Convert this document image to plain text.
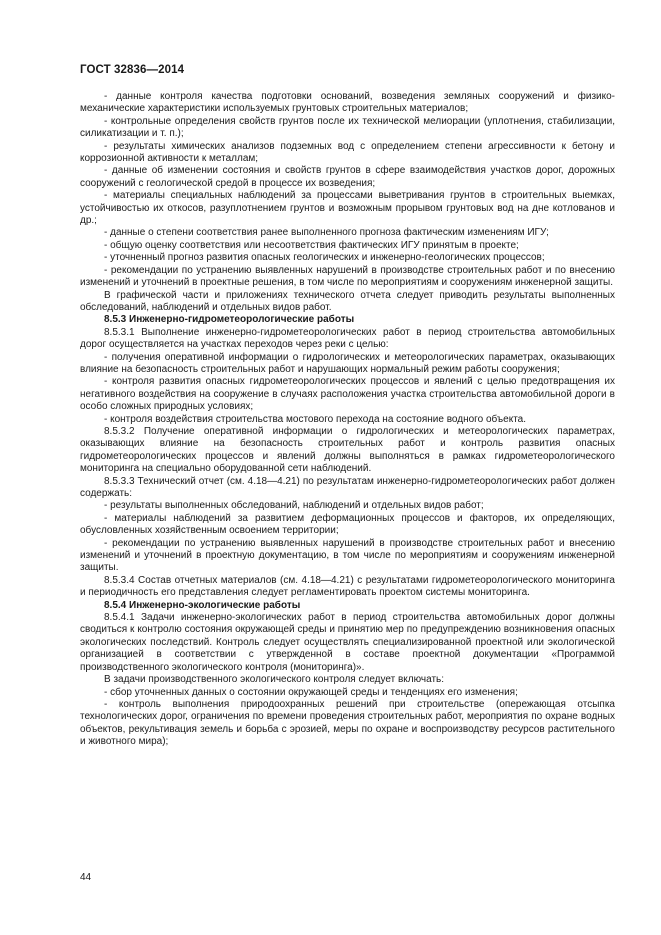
ГОСТ 32836—2014

- данные контроля качества подготовки оснований, возведения земляных сооружений и физико-механические характеристики используемых грунтовых строительных материалов;

- контрольные определения свойств грунтов после их технической мелиорации (уплотнения, стабилизации, силикатизации и т. п.);

- результаты химических анализов подземных вод с определением степени агрессивности к бетону и коррозионной активности к металлам;

- данные об изменении состояния и свойств грунтов в сфере взаимодействия участков дорог, дорожных сооружений с геологической средой в процессе их возведения;

- материалы специальных наблюдений за процессами выветривания грунтов в строительных выемках, устойчивостью их откосов, разуплотнением грунтов и возможным прорывом грунтовых вод на дне котлованов и др.;

- данные о степени соответствия ранее выполненного прогноза фактическим изменениям ИГУ;

- общую оценку соответствия или несоответствия фактических ИГУ принятым в проекте;

- уточненный прогноз развития опасных геологических и инженерно-геологических процессов;

- рекомендации по устранению выявленных нарушений в производстве строительных работ и по внесению изменений и уточнений в проектные решения, в том числе по мероприятиям и сооружениям инженерной защиты.

В графической части и приложениях технического отчета следует приводить результаты выполненных обследований, наблюдений и отдельных видов работ.

8.5.3 Инженерно-гидрометеорологические работы

8.5.3.1 Выполнение инженерно-гидрометеорологических работ в период строительства автомобильных дорог осуществляется на участках переходов через реки с целью:

- получения оперативной информации о гидрологических и метеорологических параметрах, оказывающих влияние на безопасность строительных работ и нарушающих нормальный режим работы сооружения;

- контроля развития опасных гидрометеорологических процессов и явлений с целью предотвращения их негативного воздействия на сооружение в случаях расположения участка строительства автомобильной дороги в особо сложных природных условиях;

- контроля воздействия строительства мостового перехода на состояние водного объекта.

8.5.3.2 Получение оперативной информации о гидрологических и метеорологических параметрах, оказывающих влияние на безопасность строительных работ и контроль развития опасных гидрометеорологических процессов и явлений должны выполняться в рамках гидрометеорологического мониторинга на специально оборудованной сети наблюдений.

8.5.3.3 Технический отчет (см. 4.18—4.21) по результатам инженерно-гидрометеорологических работ должен содержать:

- результаты выполненных обследований, наблюдений и отдельных видов работ;

- материалы наблюдений за развитием деформационных процессов и факторов, их определяющих, обусловленных хозяйственным освоением территории;

- рекомендации по устранению выявленных нарушений в производстве строительных работ и внесению изменений и уточнений в проектную документацию, в том числе по мероприятиям и сооружениям инженерной защиты.

8.5.3.4 Состав отчетных материалов (см. 4.18—4.21) с результатами гидрометеорологического мониторинга и периодичность его представления следует регламентировать проектом системы мониторинга.

8.5.4 Инженерно-экологические работы

8.5.4.1 Задачи инженерно-экологических работ в период строительства автомобильных дорог должны сводиться к контролю состояния окружающей среды и принятию мер по предупреждению возникновения опасных экологических последствий. Контроль следует осуществлять специализированной проектной или экологической организацией в соответствии с утвержденной в составе проектной документации «Программой производственного экологического контроля (мониторинга)».

В задачи производственного экологического контроля следует включать:

- сбор уточненных данных о состоянии окружающей среды и тенденциях его изменения;

- контроль выполнения природоохранных решений при строительстве (опережающая отсыпка технологических дорог, ограничения по времени проведения строительных работ, мероприятия по охране водных объектов, рекультивация земель и борьба с эрозией, меры по охране и воспроизводству ресурсов растительного и животного мира);

44
